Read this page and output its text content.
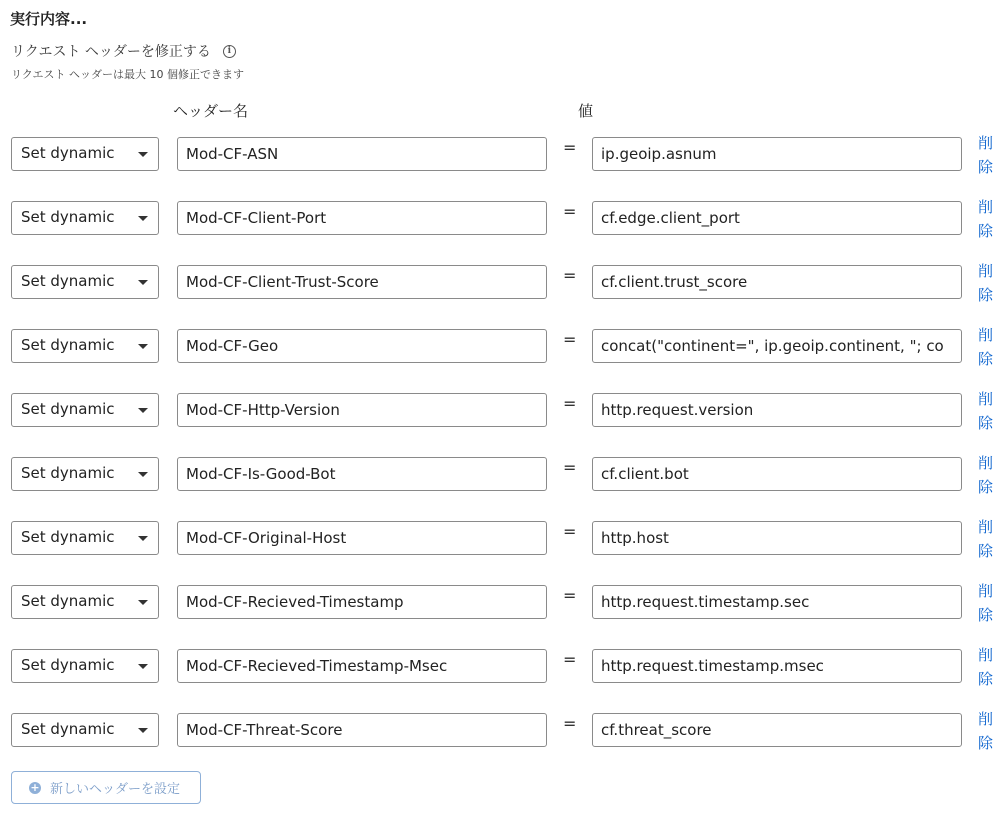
実行内容...
リクエスト ヘッダーを修正する	i
リクエスト ヘッダーは最大 10 個修正できます
ヘッダー名	値
Set dynamic	Mod-CF-ASN	=	ip.geoip.asnum
削除
Set dynamic	Mod-CF-Client-Port	=	cf.edge.client_port
削除
Set dynamic	Mod-CF-Client-Trust-Score	=	cf.client.trust_score
削除
Set dynamic	Mod-CF-Geo	=	concat("continent=", ip.geoip.continent, "; co
削除
Set dynamic	Mod-CF-Http-Version	=	http.request.version
削除
Set dynamic	Mod-CF-Is-Good-Bot	=	cf.client.bot
削除
Set dynamic	Mod-CF-Original-Host	=	http.host
削除
Set dynamic	Mod-CF-Recieved-Timestamp	=	http.request.timestamp.sec
削除
Set dynamic	Mod-CF-Recieved-Timestamp-Msec	=	http.request.timestamp.msec
削除
Set dynamic	Mod-CF-Threat-Score	=	cf.threat_score
削除
+ 新しいヘッダーを設定
